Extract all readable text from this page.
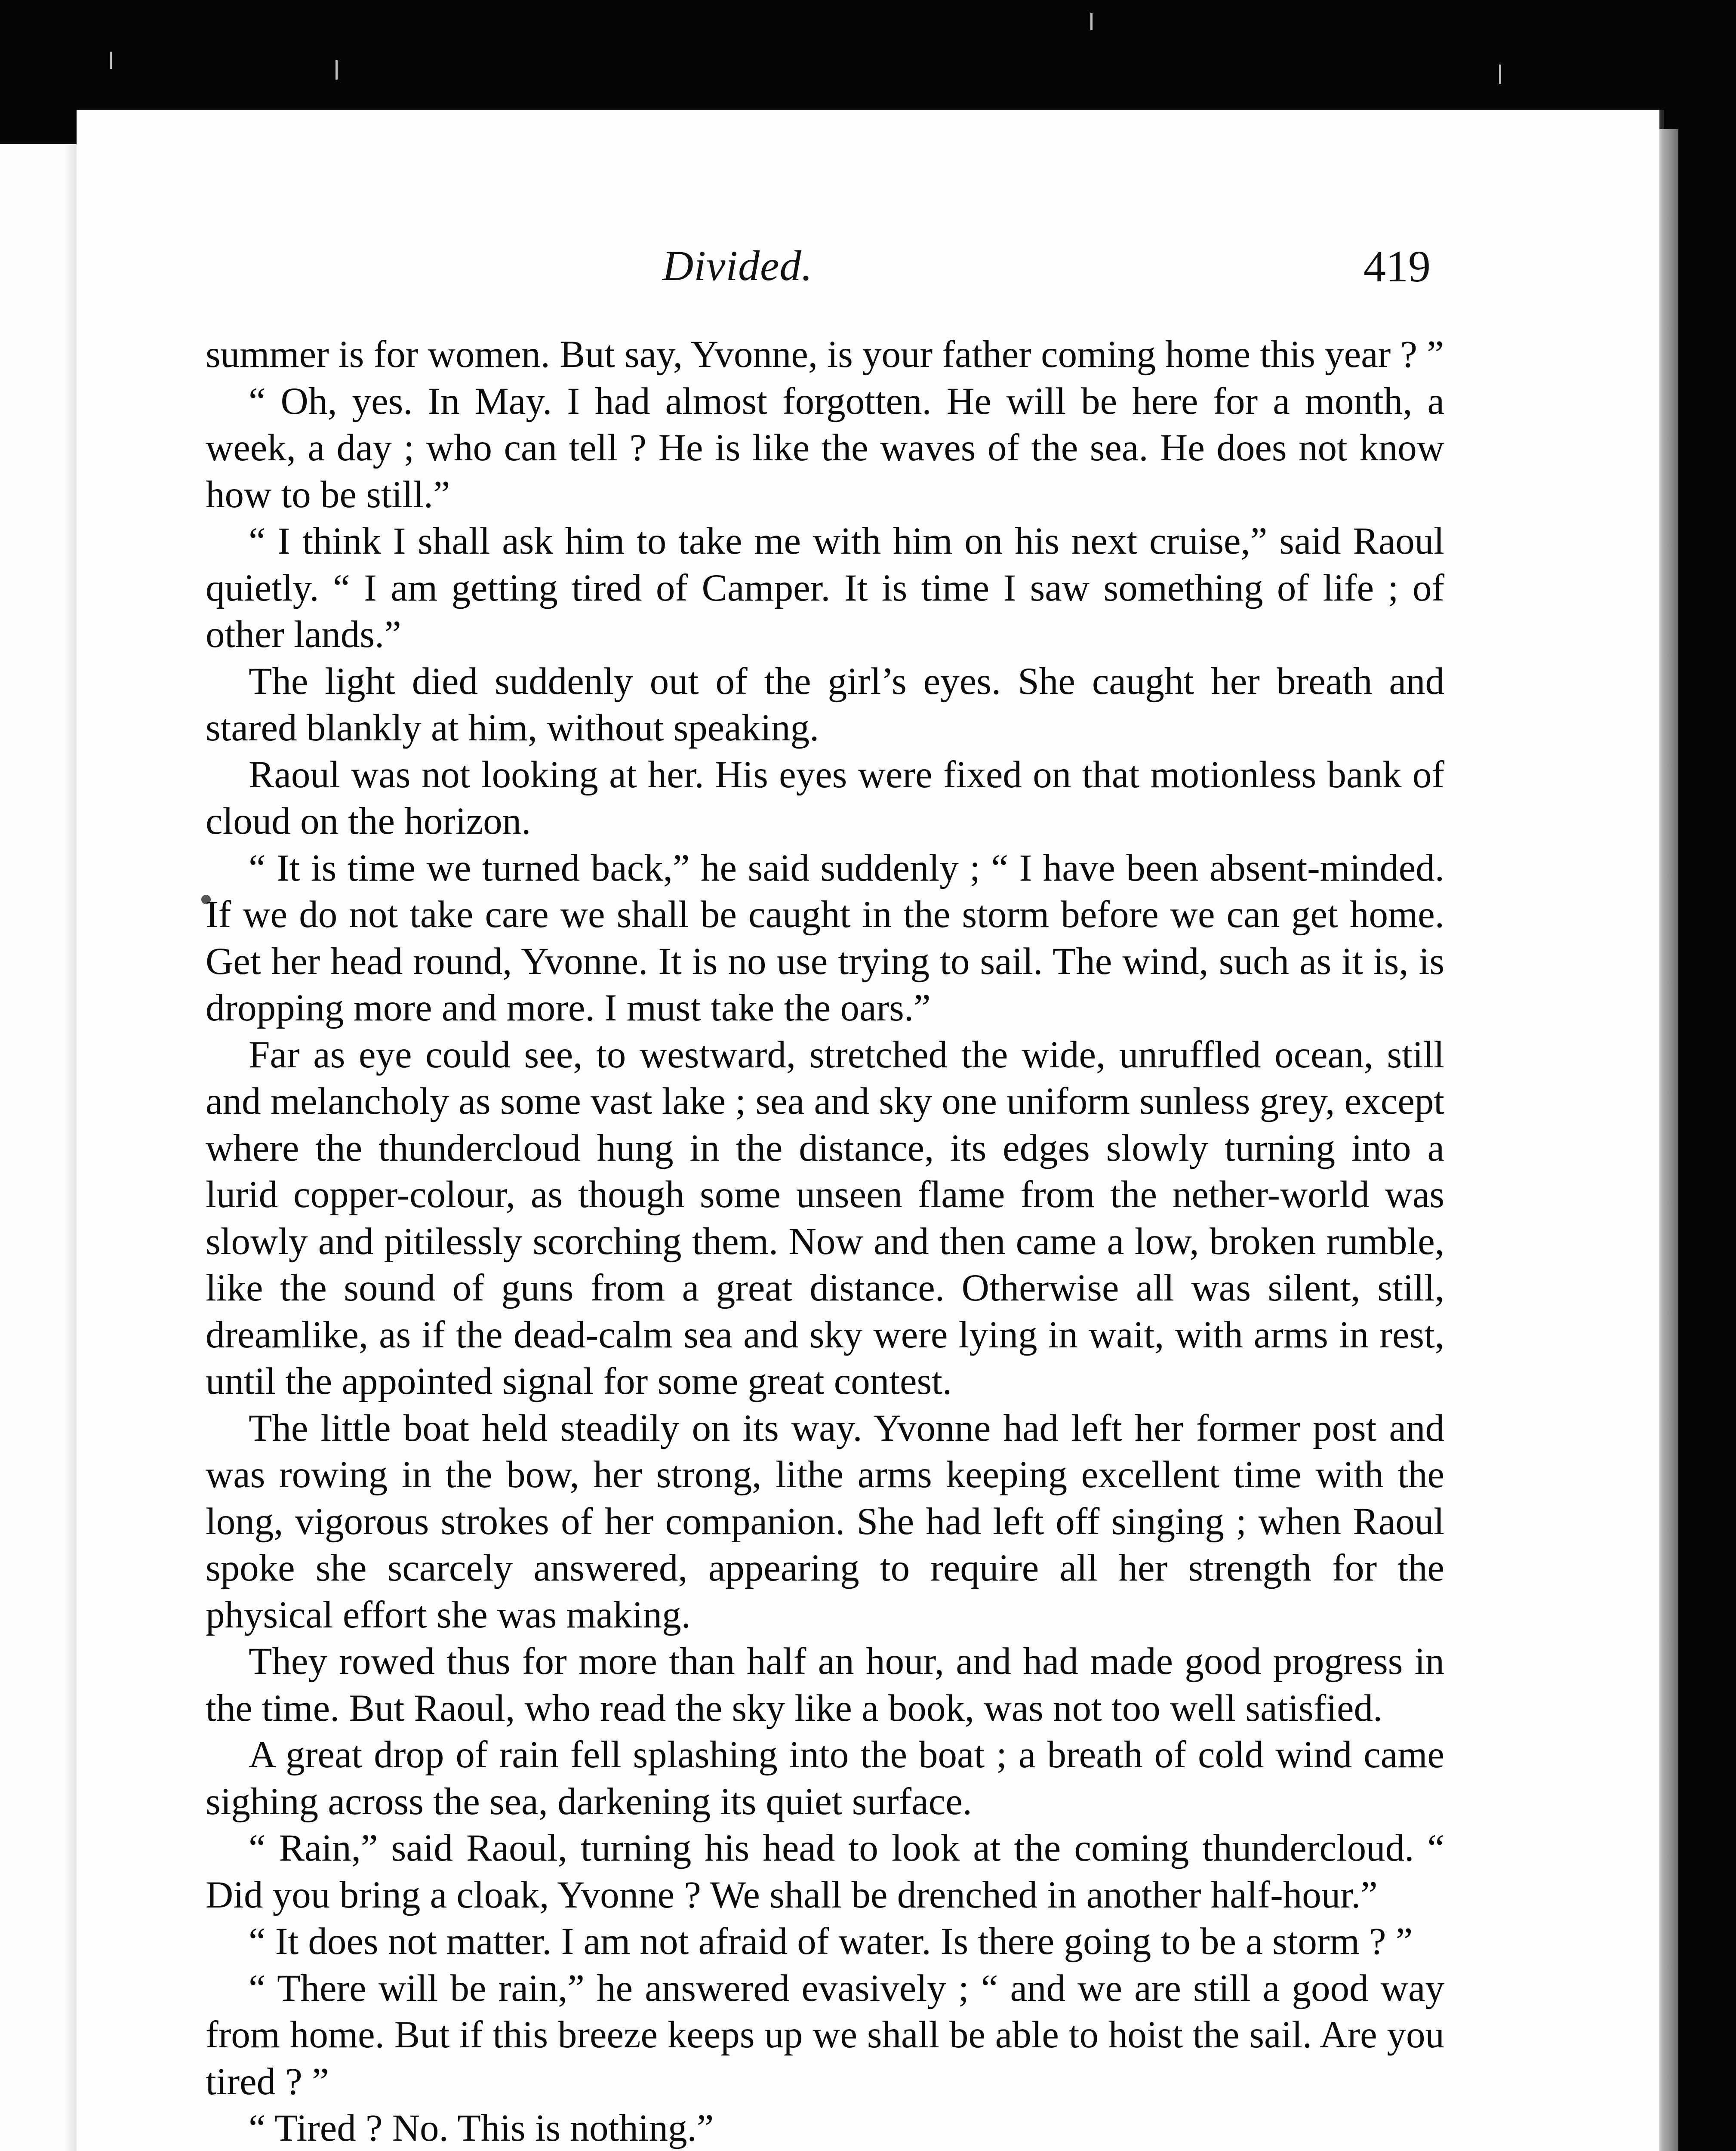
Divided.	419

summer is for women. But say, Yvonne, is your father coming home this year ? ”

“ Oh, yes. In May. I had almost forgotten. He will be here for a month, a week, a day ; who can tell ? He is like the waves of the sea. He does not know how to be still.”

“ I think I shall ask him to take me with him on his next cruise,” said Raoul quietly. “ I am getting tired of Camper. It is time I saw something of life ; of other lands.”

The light died suddenly out of the girl’s eyes. She caught her breath and stared blankly at him, without speaking.

Raoul was not looking at her. His eyes were fixed on that motionless bank of cloud on the horizon.

“ It is time we turned back,” he said suddenly ; “ I have been absent-minded. If we do not take care we shall be caught in the storm before we can get home. Get her head round, Yvonne. It is no use trying to sail. The wind, such as it is, is dropping more and more. I must take the oars.”

Far as eye could see, to westward, stretched the wide, unruffled ocean, still and melancholy as some vast lake ; sea and sky one uniform sunless grey, except where the thundercloud hung in the distance, its edges slowly turning into a lurid copper-colour, as though some unseen flame from the nether-world was slowly and pitilessly scorching them. Now and then came a low, broken rumble, like the sound of guns from a great distance. Otherwise all was silent, still, dreamlike, as if the dead-calm sea and sky were lying in wait, with arms in rest, until the appointed signal for some great contest.

The little boat held steadily on its way. Yvonne had left her former post and was rowing in the bow, her strong, lithe arms keeping excellent time with the long, vigorous strokes of her companion. She had left off singing ; when Raoul spoke she scarcely answered, appearing to require all her strength for the physical effort she was making.

They rowed thus for more than half an hour, and had made good progress in the time. But Raoul, who read the sky like a book, was not too well satisfied.

A great drop of rain fell splashing into the boat ; a breath of cold wind came sighing across the sea, darkening its quiet surface.

“ Rain,” said Raoul, turning his head to look at the coming thundercloud. “ Did you bring a cloak, Yvonne ? We shall be drenched in another half-hour.”

“ It does not matter. I am not afraid of water. Is there going to be a storm ? ”

“ There will be rain,” he answered evasively ; “ and we are still a good way from home. But if this breeze keeps up we shall be able to hoist the sail. Are you tired ? ”

“ Tired ? No. This is nothing.”
